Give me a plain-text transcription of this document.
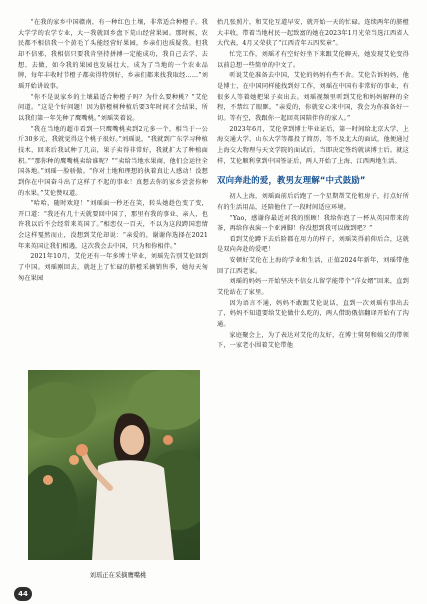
“在我的家乡中国赣南，有一种红色土壤，非常适合种橙子。我大学学的农学专业，大一我就回乡盘下荒山经营果园。那时候，农民都不相信我一个黄毛丫头能经营好果园，乡亲们也质疑我。但我却不信邪，我相信只要我肯坚持拼搏一定能成功，我自己去学、去想、去做，如今我的果园也发展壮大，成为了当地的一个农业品牌，每年丰收时节橙子都卖得特别好，乡亲们都来找我取经……”刘瑶开始讲故事。

“你不是说家乡的土壤最适合种橙子吗？为什么要种桃？”艾伦问道。“这是个好问题！因为脐橙树种植后要3年时间才会结果，所以我们第一年先种了鹰嘴桃。”刘瑶笑着说。

“我在当地的超市看到一只鹰嘴桃卖到2元多一个，相当于一公斤30多元，我就觉得这个桃子很好。”刘瑶说，“我就到广东学习种植技术，回来后我试种了几亩，果子卖得非常好，我就扩大了种植面积。”“那你种的鹰嘴桃卖给谁呢？”“卖给当地水果商，他们会运往全国各地。”刘瑶一脸骄傲。“你对土地和理想的执着真让人感动！没想到你在中国奋斗出了这样了不起的事业！真想去你的家乡尝尝你种的水果。”艾伦赞叹道。

“哈哈，随时欢迎！”刘瑶面一秒还在笑，转头她趁色变了变，开口道：“我还有几十天就要回中国了，那里有我的事业、亲人，也许我以后不会经常来英国了。”相恋仅一百天，不以为这段跨国恋情会这样戛然而止，没想到艾伦却说：“亲爱的，谢谢你选择在2021年来英国让我们相遇，这次我会去中国，只为和你相伴。”

2021年10月，艾伦还有一年多博士毕业，刘瑶先告别艾伦回到了中国。刘瑶刚回去，就赶上了忙碌的脐橙采摘销售季，她每天匆匆在果园

刘瑶正在采摘鹰嘴桃

抬几张照片，和艾伦互道早安，就开始一天的忙碌。连续两年的脐橙大丰收，带着当地村民一起致富的她在2023年1月光荣当选江西省人大代表，4月又荣获了“江西青年五四奖章”。

忙完工作，刘瑶才有空好好坐下来跟艾伦聊天，她发现艾伦变得以前总想一些简单的中文了。

听说艾伦准备去中国，艾伦的妈妈有些不舍。艾伦告诉妈妈，他是博士，在中国同样能找到好工作，刘瑶在中国有非常好的事业，有很多人等着她把果子卖出去。刘瑶视频里听到艾伦和妈妈解释的全程，不禁红了眼眶。“亲爱的，你就安心来中国，我会为你准备好一切。等有空，我跟你一起回英国陪伴你的家人。”

2023年6月，艾伦拿到博士毕业证后，第一时间给北京大学、上海交通大学、山东大学等都投了简历，等不及北大的面试，他便通过上海交大物理与天文学院的面试后，当即决定签约就读博士后。就这样，艾伦顺利拿到中国签证后，两人开始了上海、江西两地生活。

双向奔赴的爱，教男友理解“中式鼓励”

初人上海，刘瑶面前后后跑了一个星期帮艾伦租房子，打点好所有的生活用品，还陪他住了一段时间适应环境。

“Yao，感谢你最近对我的照顾！我给你泡了一杯从英国带来的茶，再给你表演一个亚洲脚！你没想到我可以做到吧？”

看到艾伦蹲下去后险都在用力的样子，刘瑶笑得前仰后合，这就是双向奔赴的爱吧！

安顿好艾伦在上海的学业和生活，正值2024年新年，刘瑶带他回了江西老家。

刘瑶的妈妈一开始坚决不信女儿留学能带个“洋女婿”回来，直到艾伦站在了家里。

因为语言不通，妈妈不敢跟艾伦说话，直到一次刘瑶有事出去了，妈妈不知道要给艾伦做什么吃的，两人借助俄信翻译开始有了沟通。

家庭聚会上，为了表达对艾伦的友好，在博士舅舅和姨父的带领下，一家老小围着艾伦带他

44
